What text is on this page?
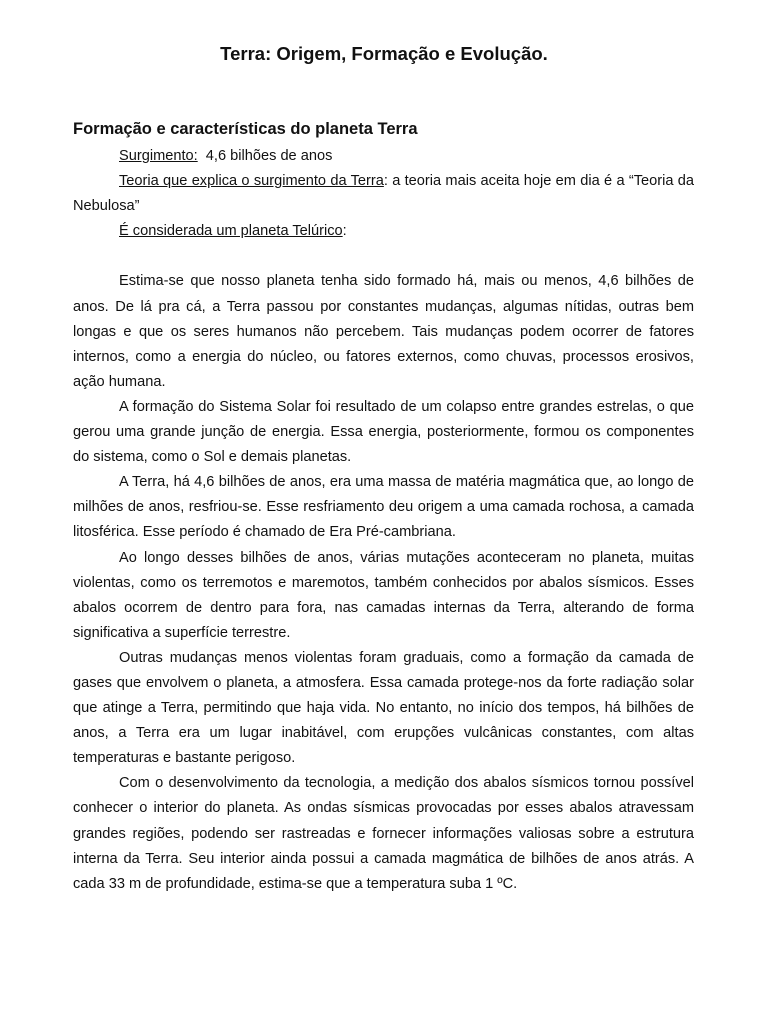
Terra: Origem, Formação e Evolução.
Formação e características do planeta Terra

Surgimento:  4,6 bilhões de anos

Teoria que explica o surgimento da Terra: a teoria mais aceita hoje em dia é a “Teoria da Nebulosa”

É considerada um planeta Telúrico:

Estima-se que nosso planeta tenha sido formado há, mais ou menos, 4,6 bilhões de anos. De lá pra cá, a Terra passou por constantes mudanças, algumas nítidas, outras bem longas e que os seres humanos não percebem. Tais mudanças podem ocorrer de fatores internos, como a energia do núcleo, ou fatores externos, como chuvas, processos erosivos, ação humana.

A formação do Sistema Solar foi resultado de um colapso entre grandes estrelas, o que gerou uma grande junção de energia. Essa energia, posteriormente, formou os componentes do sistema, como o Sol e demais planetas.

A Terra, há 4,6 bilhões de anos, era uma massa de matéria magmática que, ao longo de milhões de anos, resfriou-se. Esse resfriamento deu origem a uma camada rochosa, a camada litosférica. Esse período é chamado de Era Pré-cambriana.

Ao longo desses bilhões de anos, várias mutações aconteceram no planeta, muitas violentas, como os terremotos e maremotos, também conhecidos por abalos sísmicos. Esses abalos ocorrem de dentro para fora, nas camadas internas da Terra, alterando de forma significativa a superfície terrestre.

Outras mudanças menos violentas foram graduais, como a formação da camada de gases que envolvem o planeta, a atmosfera. Essa camada protege-nos da forte radiação solar que atinge a Terra, permitindo que haja vida. No entanto, no início dos tempos, há bilhões de anos, a Terra era um lugar inabitável, com erupções vulcânicas constantes, com altas temperaturas e bastante perigoso.

Com o desenvolvimento da tecnologia, a medição dos abalos sísmicos tornou possível conhecer o interior do planeta. As ondas sísmicas provocadas por esses abalos atravessam grandes regiões, podendo ser rastreadas e fornecer informações valiosas sobre a estrutura interna da Terra. Seu interior ainda possui a camada magmática de bilhões de anos atrás. A cada 33 m de profundidade, estima-se que a temperatura suba 1 ºC.
